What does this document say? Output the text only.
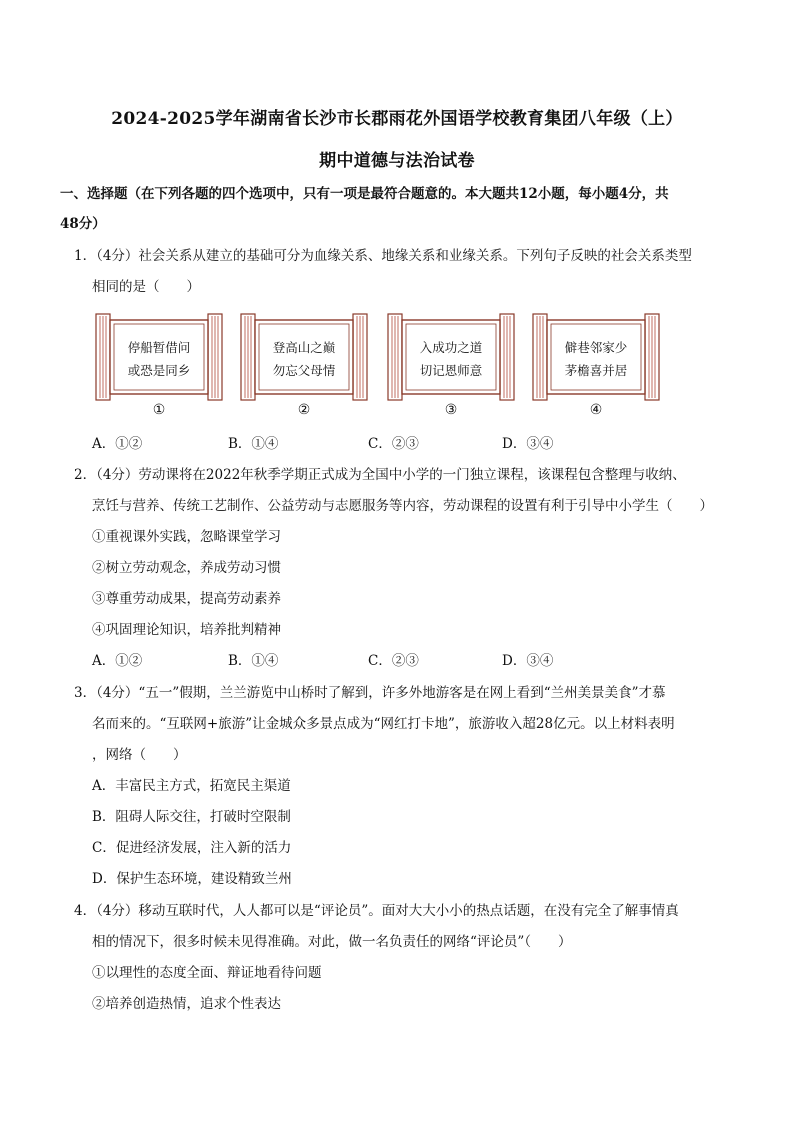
2024-2025学年湖南省长沙市长郡雨花外国语学校教育集团八年级（上）
期中道德与法治试卷
一、选择题（在下列各题的四个选项中，只有一项是最符合题意的。本大题共12小题，每小题4分，共
48分）
1．（4分）社会关系从建立的基础可分为血缘关系、地缘关系和业缘关系。下列句子反映的社会关系类型
相同的是（　　）
停船暂借问
或恐是同乡
①
登高山之巅
勿忘父母情
②
入成功之道
切记恩师意
③
僻巷邻家少
茅檐喜并居
④
A．①②	B．①④	C．②③	D．③④
2．（4分）劳动课将在2022年秋季学期正式成为全国中小学的一门独立课程，该课程包含整理与收纳、
烹饪与营养、传统工艺制作、公益劳动与志愿服务等内容，劳动课程的设置有利于引导中小学生（　　）
①重视课外实践，忽略课堂学习
②树立劳动观念，养成劳动习惯
③尊重劳动成果，提高劳动素养
④巩固理论知识，培养批判精神
A．①②	B．①④	C．②③	D．③④
3．（4分）“五一”假期，兰兰游览中山桥时了解到，许多外地游客是在网上看到“兰州美景美食”才慕
名而来的。“互联网+旅游”让金城众多景点成为“网红打卡地”，旅游收入超28亿元。以上材料表明
，网络（　　）
A．丰富民主方式，拓宽民主渠道
B．阻碍人际交往，打破时空限制
C．促进经济发展，注入新的活力
D．保护生态环境，建设精致兰州
4．（4分）移动互联时代，人人都可以是“评论员”。面对大大小小的热点话题，在没有完全了解事情真
相的情况下，很多时候未见得准确。对此，做一名负责任的网络“评论员”（　　）
①以理性的态度全面、辩证地看待问题
②培养创造热情，追求个性表达
